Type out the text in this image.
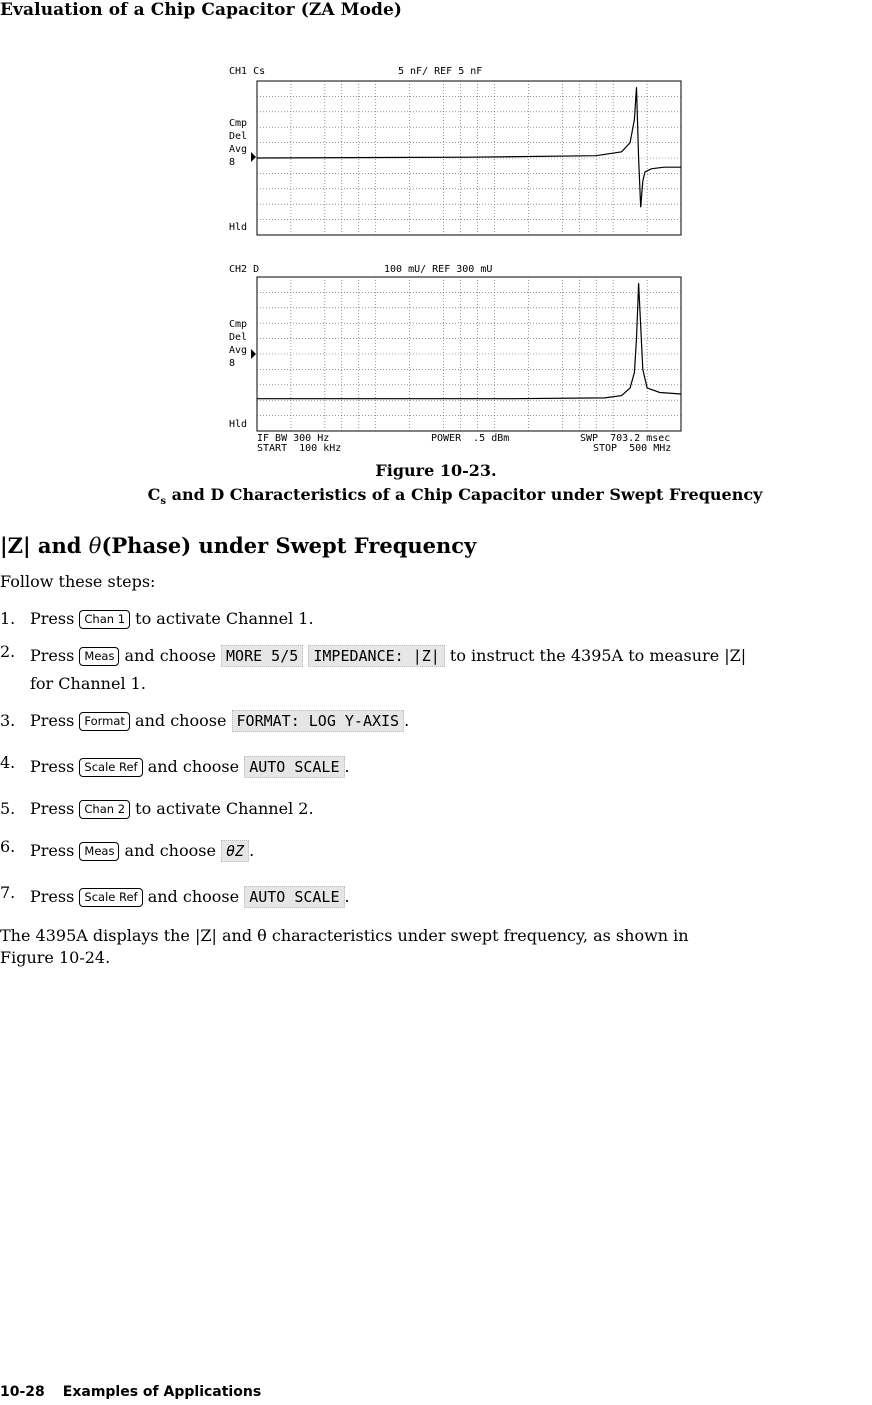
Evaluation of a Chip Capacitor (ZA Mode)
CH1 Cs	5 nF/ REF 5 nF
Cmp
Del
Avg
8
Hld
CH2 D	100 mU/ REF 300 mU
Cmp
Del
Avg
8
Hld
IF BW 300 Hz	POWER  .5 dBm	SWP  703.2 msec
START  100 kHz	STOP  500 MHz
Figure 10-23.
$C_s$ and D Characteristics of a Chip Capacitor under Swept Frequency
|Z| and θ(Phase) under Swept Frequency
Follow these steps:
1. Press Chan 1 to activate Channel 1.
2. Press Meas and choose MORE 5/5 IMPEDANCE: |Z| to instruct the 4395A to measure |Z|
for Channel 1.
3. Press Format and choose FORMAT: LOG Y-AXIS .
4. Press Scale Ref and choose AUTO SCALE .
5. Press Chan 2 to activate Channel 2.
6. Press Meas and choose θZ .
7. Press Scale Ref and choose AUTO SCALE .
The 4395A displays the |Z| and θ characteristics under swept frequency, as shown in
Figure 10-24.
10-28 Examples of Applications
